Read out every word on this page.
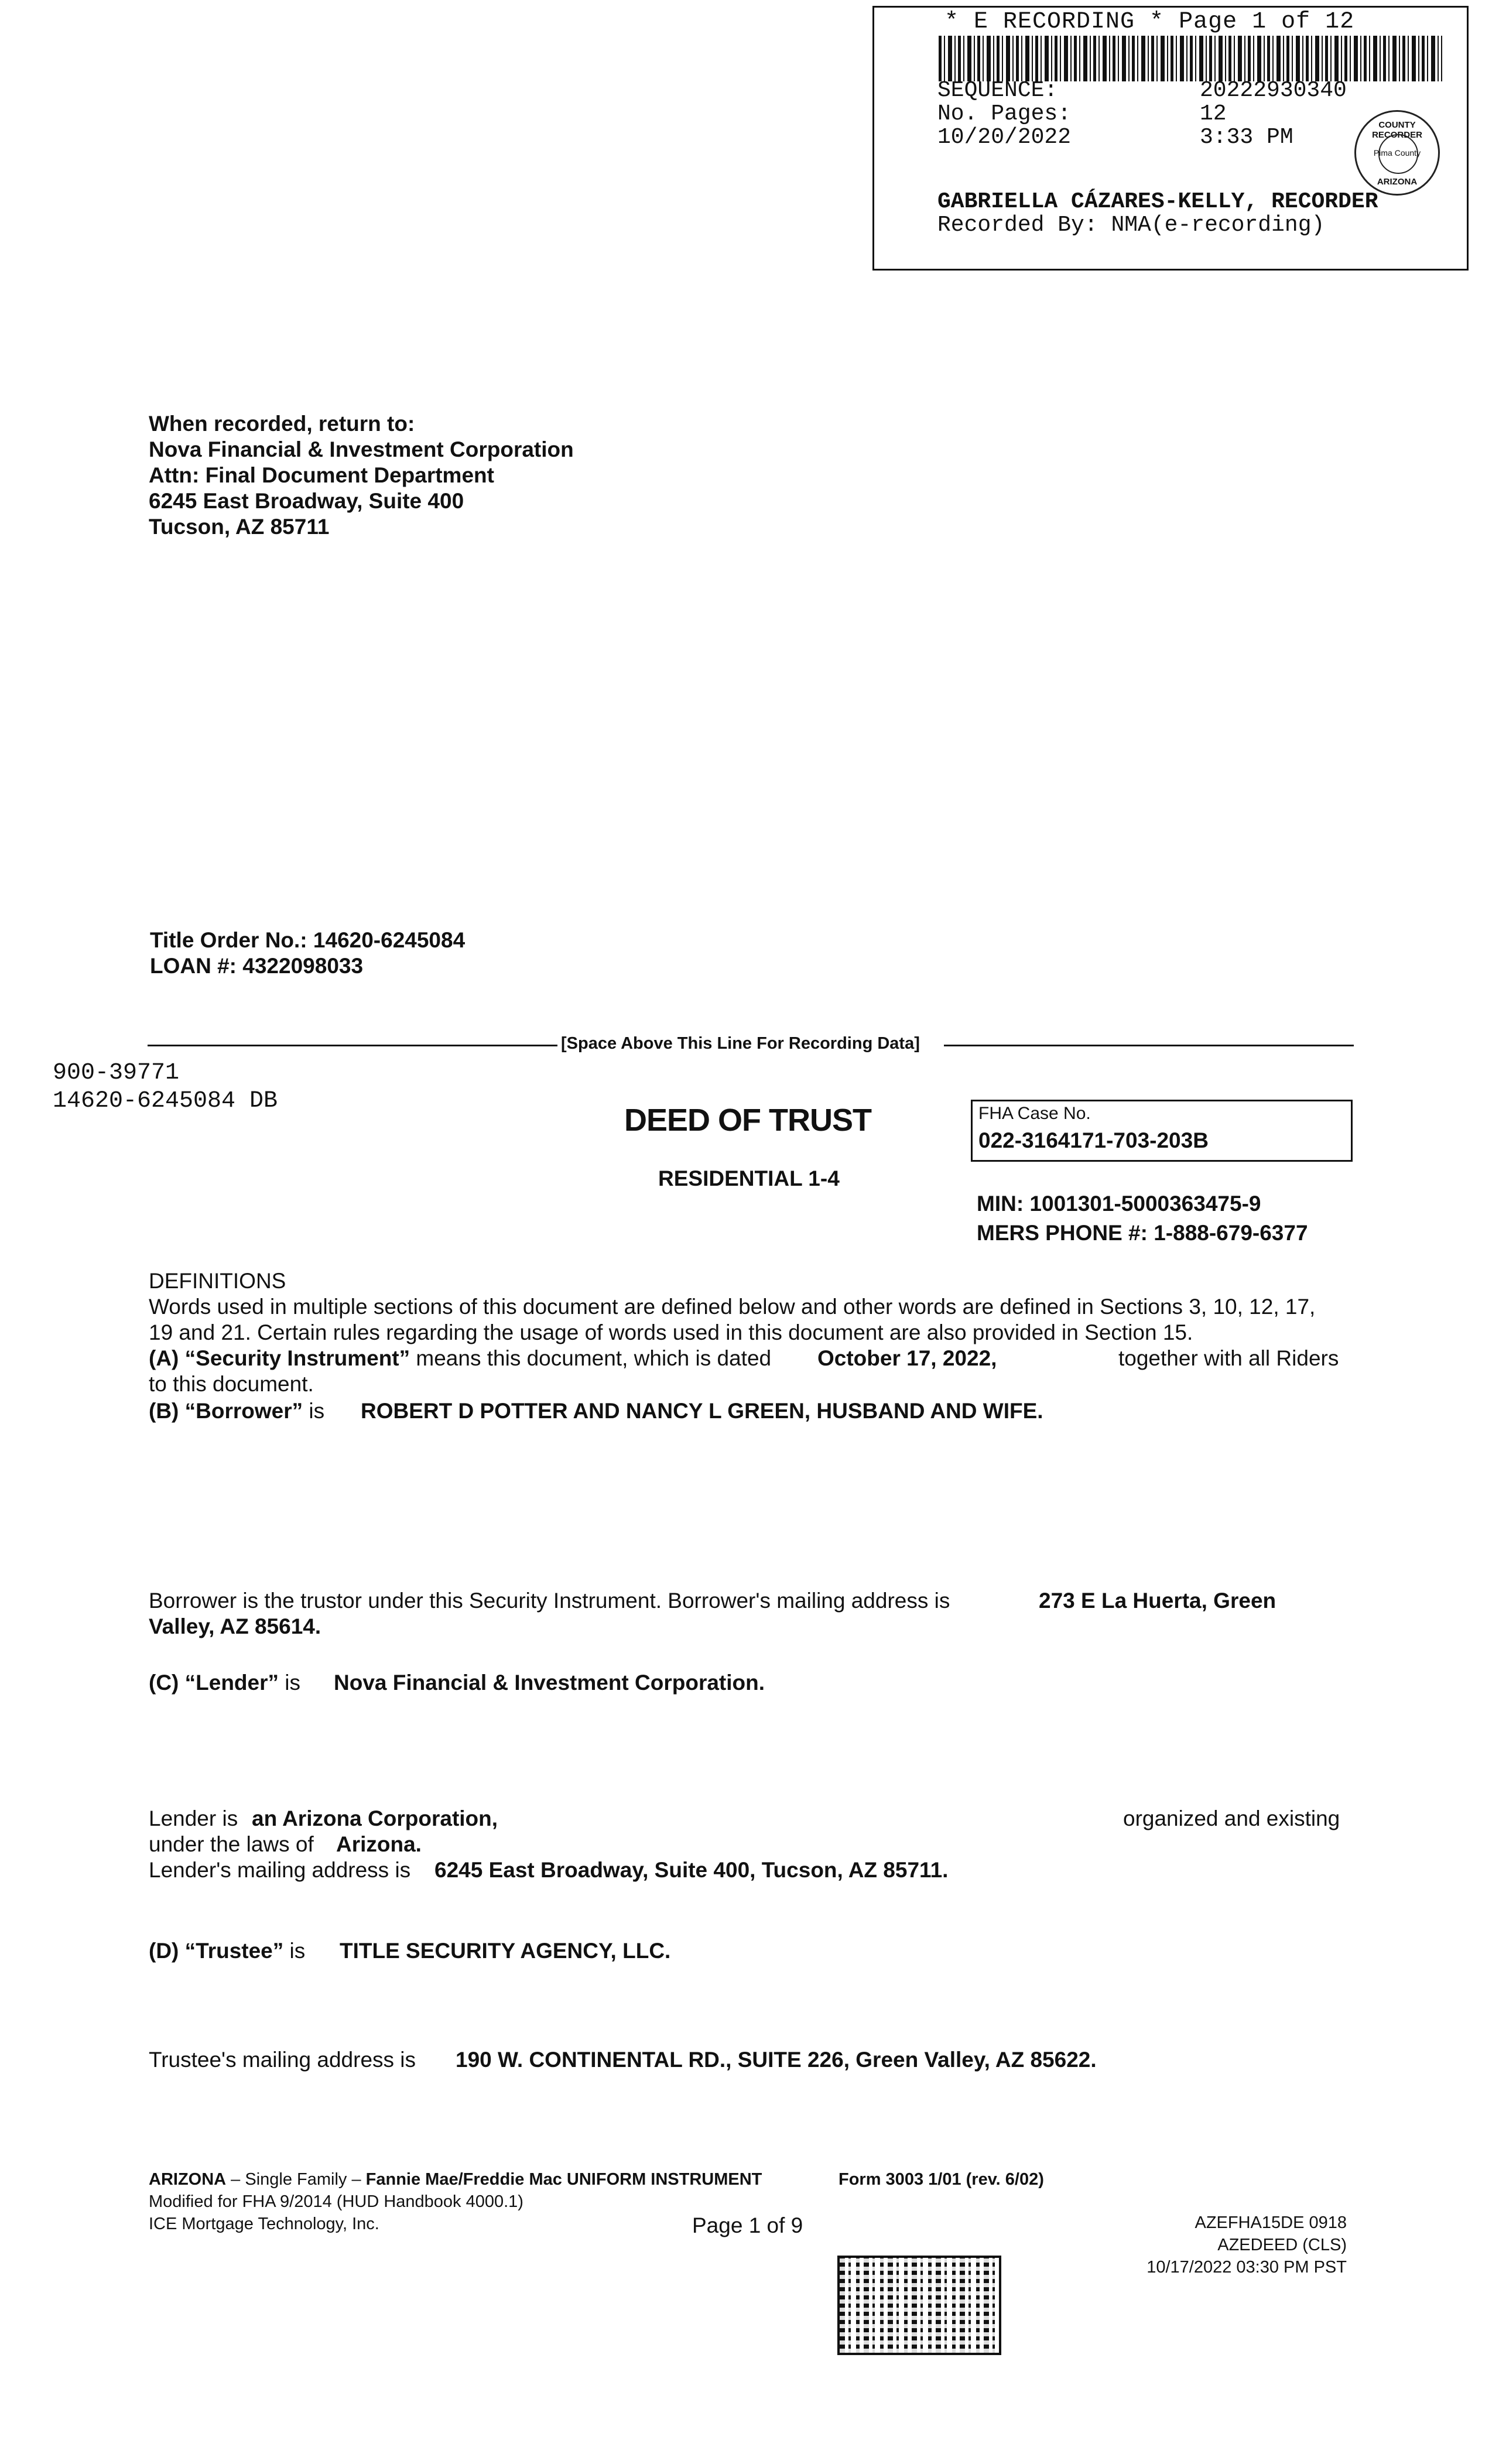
* E RECORDING * Page 1 of 12
SEQUENCE:	20222930340
No. Pages:	12
10/20/2022	3:33 PM	COUNTY RECORDER
Pima County
ARIZONA
GABRIELLA CÁZARES-KELLY, RECORDER
Recorded By: NMA(e-recording)
When recorded, return to:
Nova Financial & Investment Corporation
Attn: Final Document Department
6245 East Broadway, Suite 400
Tucson, AZ 85711
Title Order No.: 14620-6245084
LOAN #: 4322098033
[Space Above This Line For Recording Data]
900-39771
14620-6245084 DB
DEED OF TRUST
RESIDENTIAL 1-4
FHA Case No.
022-3164171-703-203B
MIN: 1001301-5000363475-9
MERS PHONE #: 1-888-679-6377
DEFINITIONS
Words used in multiple sections of this document are defined below and other words are defined in Sections 3, 10, 12, 17,
19 and 21. Certain rules regarding the usage of words used in this document are also provided in Section 15.
(A) “Security Instrument” means this document, which is dated October 17, 2022,	together with all Riders
to this document.
(B) “Borrower” is ROBERT D POTTER AND NANCY L GREEN, HUSBAND AND WIFE.
Borrower is the trustor under this Security Instrument. Borrower's mailing address is	273 E La Huerta, Green
Valley, AZ 85614.
(C) “Lender” is Nova Financial & Investment Corporation.
Lender is an Arizona Corporation,	organized and existing
under the laws of Arizona.
Lender's mailing address is 6245 East Broadway, Suite 400, Tucson, AZ 85711.
(D) “Trustee” is TITLE SECURITY AGENCY, LLC.
Trustee's mailing address is 190 W. CONTINENTAL RD., SUITE 226, Green Valley, AZ 85622.
ARIZONA – Single Family – Fannie Mae/Freddie Mac UNIFORM INSTRUMENT	Form 3003 1/01 (rev. 6/02)
Modified for FHA 9/2014 (HUD Handbook 4000.1)
ICE Mortgage Technology, Inc.	Page 1 of 9	AZEFHA15DE 0918
AZEDEED (CLS)
10/17/2022 03:30 PM PST
